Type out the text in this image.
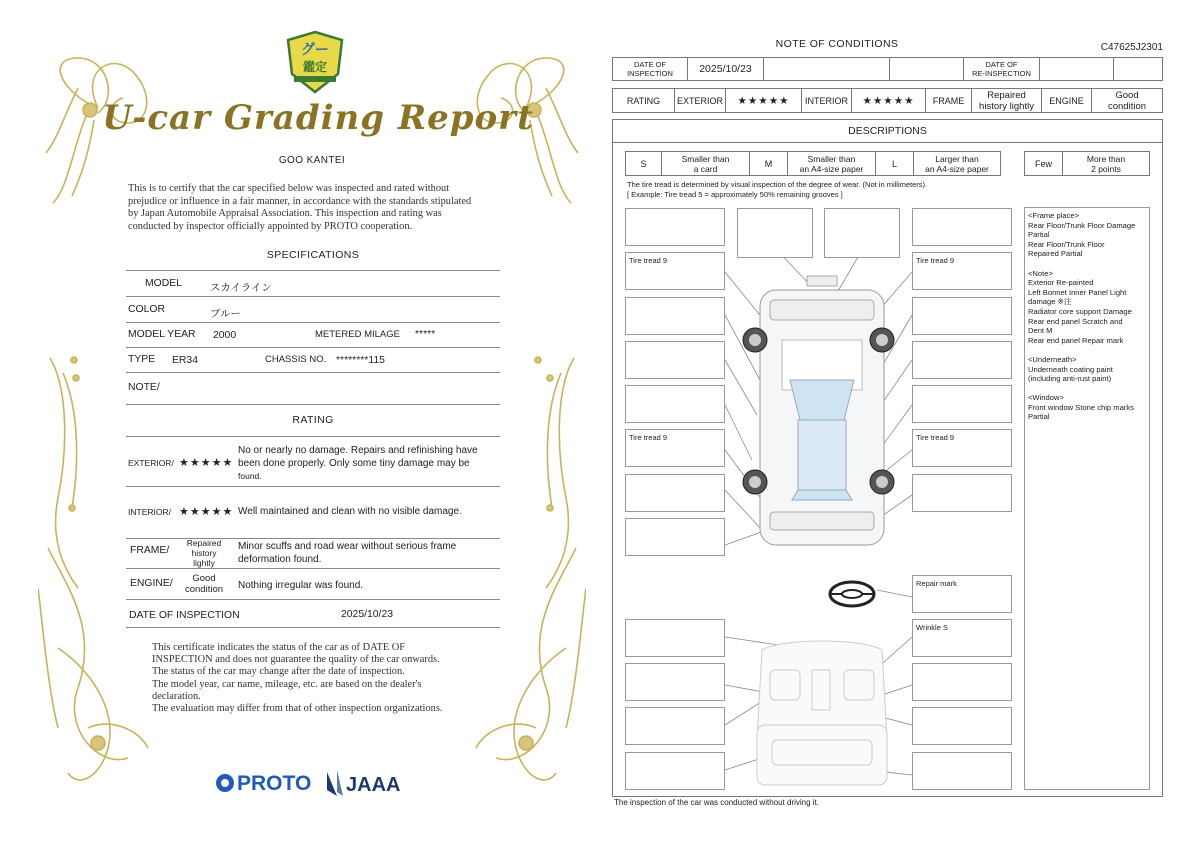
グー
鑑定
U-car Grading Report
GOO KANTEI
This is to certify that the car specified below was inspected and rated without
prejudice or influence in a fair manner, in accordance with the standards stipulated
by Japan Automobile Appraisal Association. This inspection and rating was
conducted by inspector officially appointed by PROTO cooperation.
SPECIFICATIONS
MODEL	スカイライン
COLOR	ブルー
MODEL YEAR 2000	METERED MILAGE *****
TYPE ER34	CHASSIS NO. ********115
NOTE/
RATING
EXTERIOR/ ★★★★★
No or nearly no damage. Repairs and refinishing have
been done properly. Only some tiny damage may be
found.
INTERIOR/ ★★★★★ Well maintained and clean with no visible damage.
FRAME/
Repaired
history
lightly
Minor scuffs and road wear without serious frame
deformation found.
ENGINE/	Good
condition	Nothing irregular was found.
DATE OF INSPECTION	2025/10/23
This certificate indicates the status of the car as of DATE OF
INSPECTION and does not guarantee the quality of the car onwards.
The status of the car may change after the date of inspection.
The model year, car name, mileage, etc. are based on the dealer's
declaration.
The evaluation may differ from that of other inspection organizations.
PROTO JAAA
NOTE OF CONDITIONS	C47625J2301
DATE OF
INSPECTION	2025/10/23			DATE OF
RE-INSPECTION

RATING	EXTERIOR	★★★★★	INTERIOR	★★★★★	FRAME	Repaired
history lightly	ENGINE	Good
condition
DESCRIPTIONS
S	Smaller than
a card	M	Smaller than
an A4-size paper	L	Larger than
an A4-size paper	Few	More than
2 points
The tire tread is determined by visual inspection of the degree of wear. (Not in millimeters).
[ Example: Tire tread 5 = approximately 50% remaining grooves ]
Tire tread 9
Tire tread 9
Tire tread 9
Tire tread 9
Repair mark
Wrinkle S
<Frame place>
Rear Floor/Trunk Floor Damage
Partial
Rear Floor/Trunk Floor
Repaired Partial
<Note>
Exterior Re-painted
Left Bonnet Inner Panel Light
damage ※注
Radiator core support Damage
Rear end panel Scratch and
Dent M
Rear end panel Repair mark
<Underneath>
Underneath coating paint
(including anti-rust paint)
<Window>
Front window Stone chip marks
Partial
The inspection of the car was conducted without driving it.
